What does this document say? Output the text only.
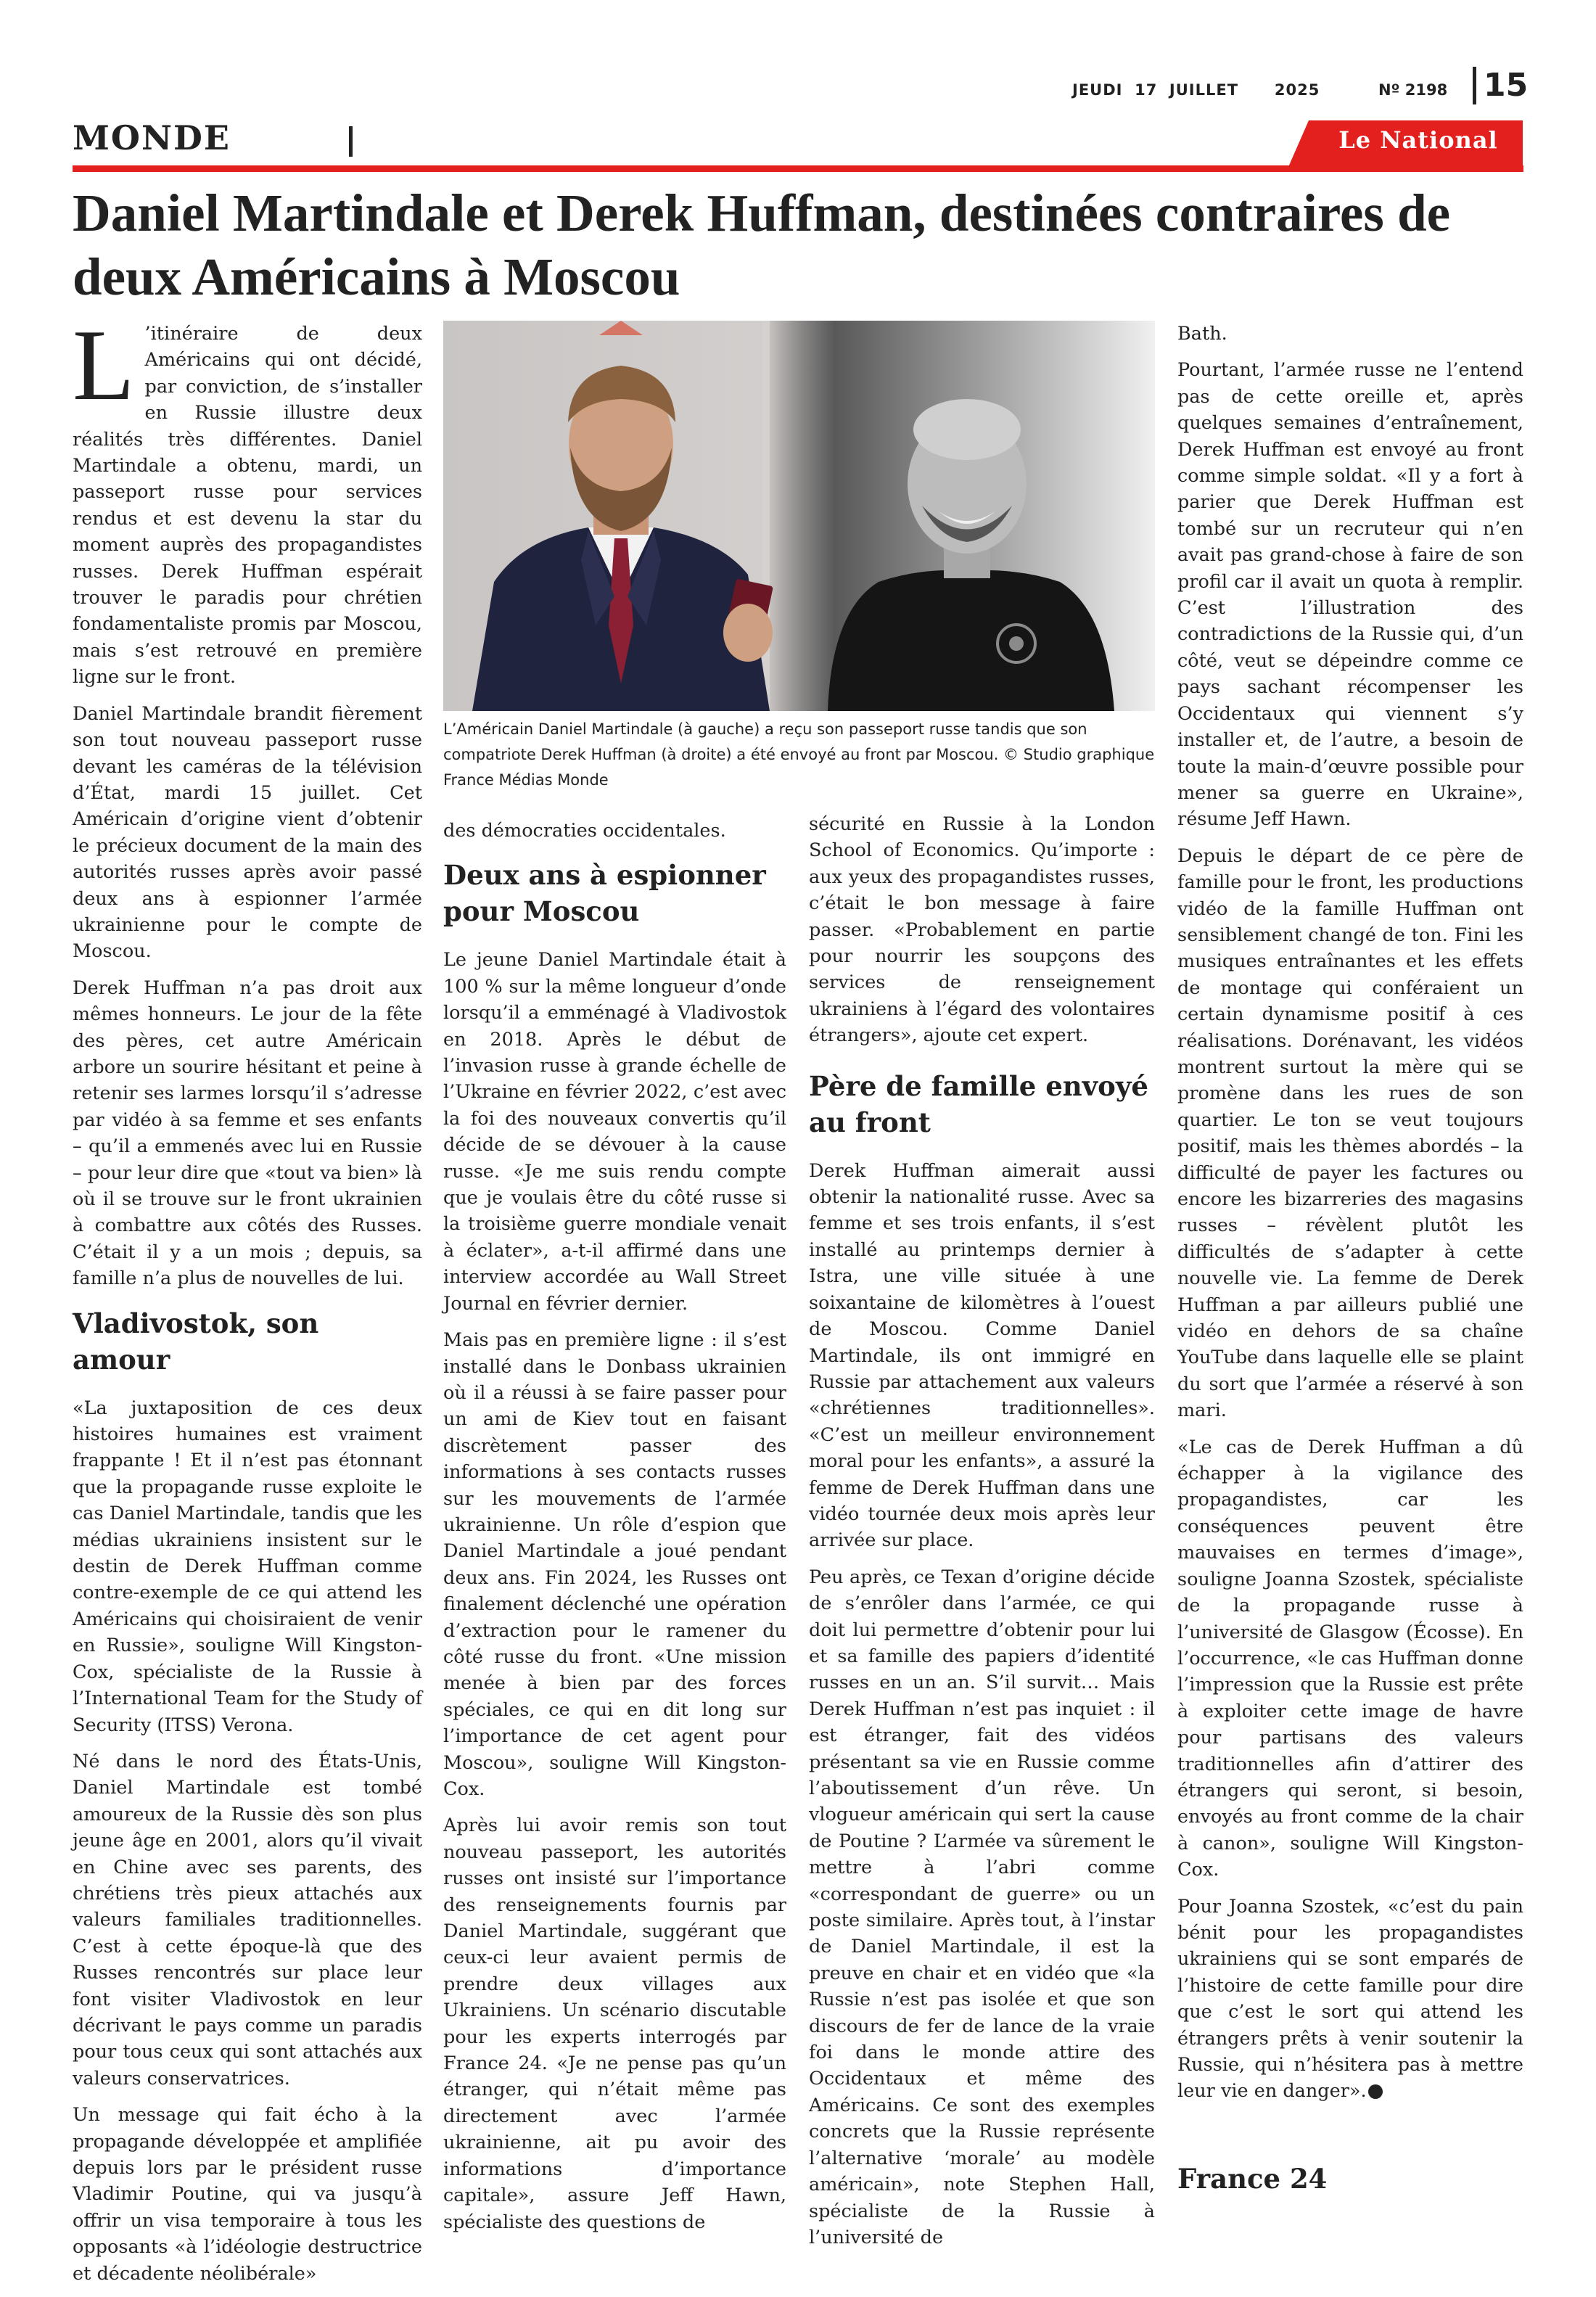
JEUDI  17  JUILLET      2025	Nº 2198 15
MONDE	Le National
Daniel Martindale et Derek Huffman, destinées contraires de deux Américains à Moscou

L ’itinéraire de deux Américains qui ont décidé, par conviction, de s’installer en Russie illustre deux réalités très différentes. Daniel Martindale a obtenu, mardi, un passeport russe pour services rendus et est devenu la star du moment auprès des propagandistes russes. Derek Huffman espérait trouver le paradis pour chrétien fondamentaliste promis par Moscou, mais s’est retrouvé en première ligne sur le front.

Daniel Martindale brandit fièrement son tout nouveau passeport russe devant les caméras de la télévision d’État, mardi 15 juillet. Cet Américain d’origine vient d’obtenir le précieux document de la main des autorités russes après avoir passé deux ans à espionner l’armée ukrainienne pour le compte de Moscou.

Derek Huffman n’a pas droit aux mêmes honneurs. Le jour de la fête des pères, cet autre Américain arbore un sourire hésitant et peine à retenir ses larmes lorsqu’il s’adresse par vidéo à sa femme et ses enfants – qu’il a emmenés avec lui en Russie – pour leur dire que «tout va bien» là où il se trouve sur le front ukrainien à combattre aux côtés des Russes. C’était il y a un mois ; depuis, sa famille n’a plus de nouvelles de lui.

Vladivostok, son amour

«La juxtaposition de ces deux histoires humaines est vraiment frappante ! Et il n’est pas étonnant que la propagande russe exploite le cas Daniel Martindale, tandis que les médias ukrainiens insistent sur le destin de Derek Huffman comme contre-exemple de ce qui attend les Américains qui choisiraient de venir en Russie», souligne Will Kingston-Cox, spécialiste de la Russie à l’International Team for the Study of Security (ITSS) Verona.

Né dans le nord des États-Unis, Daniel Martindale est tombé amoureux de la Russie dès son plus jeune âge en 2001, alors qu’il vivait en Chine avec ses parents, des chrétiens très pieux attachés aux valeurs familiales traditionnelles. C’est à cette époque-là que des Russes rencontrés sur place leur font visiter Vladivostok en leur décrivant le pays comme un paradis pour tous ceux qui sont attachés aux valeurs conservatrices.

Un message qui fait écho à la propagande développée et amplifiée depuis lors par le président russe Vladimir Poutine, qui va jusqu’à offrir un visa temporaire à tous les opposants «à l’idéologie destructrice et décadente néolibérale»

L’Américain Daniel Martindale (à gauche) a reçu son passeport russe tandis que son compatriote Derek Huffman (à droite) a été envoyé au front par Moscou. © Studio graphique France Médias Monde

des démocraties occidentales.

Deux ans à espionner pour Moscou

Le jeune Daniel Martindale était à 100 % sur la même longueur d’onde lorsqu’il a emménagé à Vladivostok en 2018. Après le début de l’invasion russe à grande échelle de l’Ukraine en février 2022, c’est avec la foi des nouveaux convertis qu’il décide de se dévouer à la cause russe. «Je me suis rendu compte que je voulais être du côté russe si la troisième guerre mondiale venait à éclater», a-t-il affirmé dans une interview accordée au Wall Street Journal en février dernier.

Mais pas en première ligne : il s’est installé dans le Donbass ukrainien où il a réussi à se faire passer pour un ami de Kiev tout en faisant discrètement passer des informations à ses contacts russes sur les mouvements de l’armée ukrainienne. Un rôle d’espion que Daniel Martindale a joué pendant deux ans. Fin 2024, les Russes ont finalement déclenché une opération d’extraction pour le ramener du côté russe du front. «Une mission menée à bien par des forces spéciales, ce qui en dit long sur l’importance de cet agent pour Moscou», souligne Will Kingston-Cox.

Après lui avoir remis son tout nouveau passeport, les autorités russes ont insisté sur l’importance des renseignements fournis par Daniel Martindale, suggérant que ceux-ci leur avaient permis de prendre deux villages aux Ukrainiens. Un scénario discutable pour les experts interrogés par France 24. «Je ne pense pas qu’un étranger, qui n’était même pas directement avec l’armée ukrainienne, ait pu avoir des informations d’importance capitale», assure Jeff Hawn, spécialiste des questions de

sécurité en Russie à la London School of Economics. Qu’importe : aux yeux des propagandistes russes, c’était le bon message à faire passer. «Probablement en partie pour nourrir les soupçons des services de renseignement ukrainiens à l’égard des volontaires étrangers», ajoute cet expert.

Père de famille envoyé au front

Derek Huffman aimerait aussi obtenir la nationalité russe. Avec sa femme et ses trois enfants, il s’est installé au printemps dernier à Istra, une ville située à une soixantaine de kilomètres à l’ouest de Moscou. Comme Daniel Martindale, ils ont immigré en Russie par attachement aux valeurs «chrétiennes traditionnelles». «C’est un meilleur environnement moral pour les enfants», a assuré la femme de Derek Huffman dans une vidéo tournée deux mois après leur arrivée sur place.

Peu après, ce Texan d’origine décide de s’enrôler dans l’armée, ce qui doit lui permettre d’obtenir pour lui et sa famille des papiers d’identité russes en un an. S’il survit… Mais Derek Huffman n’est pas inquiet : il est étranger, fait des vidéos présentant sa vie en Russie comme l’aboutissement d’un rêve. Un vlogueur américain qui sert la cause de Poutine ? L’armée va sûrement le mettre à l’abri comme «correspondant de guerre» ou un poste similaire. Après tout, à l’instar de Daniel Martindale, il est la preuve en chair et en vidéo que «la Russie n’est pas isolée et que son discours de fer de lance de la vraie foi dans le monde attire des Occidentaux et même des Américains. Ce sont des exemples concrets que la Russie représente l’alternative ‘morale’ au modèle américain», note Stephen Hall, spécialiste de la Russie à l’université de

Bath.

Pourtant, l’armée russe ne l’entend pas de cette oreille et, après quelques semaines d’entraînement, Derek Huffman est envoyé au front comme simple soldat. «Il y a fort à parier que Derek Huffman est tombé sur un recruteur qui n’en avait pas grand-chose à faire de son profil car il avait un quota à remplir. C’est l’illustration des contradictions de la Russie qui, d’un côté, veut se dépeindre comme ce pays sachant récompenser les Occidentaux qui viennent s’y installer et, de l’autre, a besoin de toute la main-d’œuvre possible pour mener sa guerre en Ukraine», résume Jeff Hawn.

Depuis le départ de ce père de famille pour le front, les productions vidéo de la famille Huffman ont sensiblement changé de ton. Fini les musiques entraînantes et les effets de montage qui conféraient un certain dynamisme positif à ces réalisations. Dorénavant, les vidéos montrent surtout la mère qui se promène dans les rues de son quartier. Le ton se veut toujours positif, mais les thèmes abordés – la difficulté de payer les factures ou encore les bizarreries des magasins russes – révèlent plutôt les difficultés de s’adapter à cette nouvelle vie. La femme de Derek Huffman a par ailleurs publié une vidéo en dehors de sa chaîne YouTube dans laquelle elle se plaint du sort que l’armée a réservé à son mari.

«Le cas de Derek Huffman a dû échapper à la vigilance des propagandistes, car les conséquences peuvent être mauvaises en termes d’image», souligne Joanna Szostek, spécialiste de la propagande russe à l’université de Glasgow (Écosse). En l’occurrence, «le cas Huffman donne l’impression que la Russie est prête à exploiter cette image de havre pour partisans des valeurs traditionnelles afin d’attirer des étrangers qui seront, si besoin, envoyés au front comme de la chair à canon», souligne Will Kingston-Cox.

Pour Joanna Szostek, «c’est du pain bénit pour les propagandistes ukrainiens qui se sont emparés de l’histoire de cette famille pour dire que c’est le sort qui attend les étrangers prêts à venir soutenir la Russie, qui n’hésitera pas à mettre leur vie en danger».

France 24
